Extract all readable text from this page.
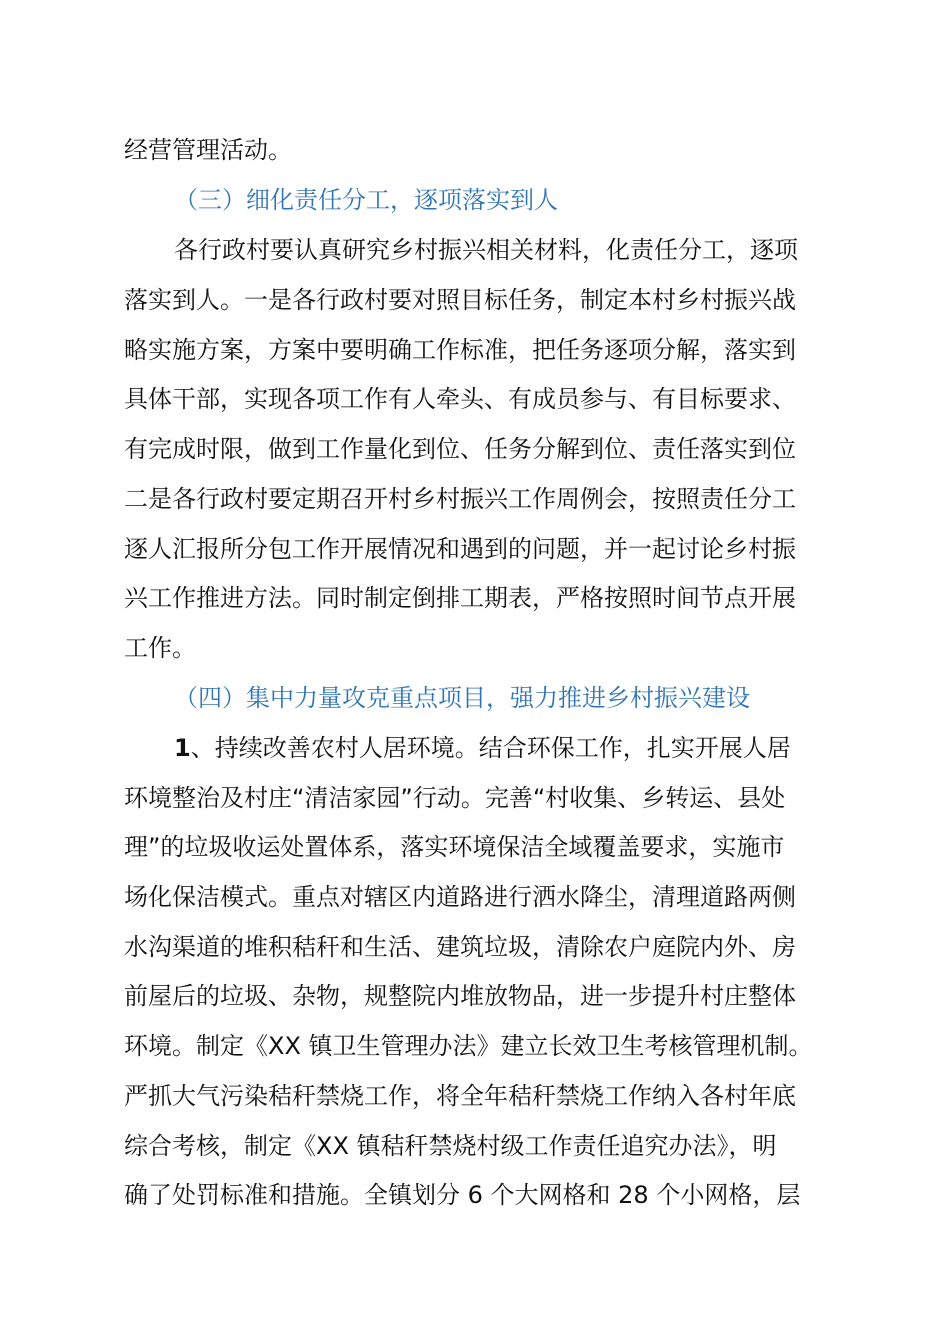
经营管理活动。
（三）细化责任分工，逐项落实到人
各行政村要认真研究乡村振兴相关材料，化责任分工，逐项
落实到人。一是各行政村要对照目标任务，制定本村乡村振兴战
略实施方案，方案中要明确工作标准，把任务逐项分解，落实到
具体干部，实现各项工作有人牵头、有成员参与、有目标要求、
有完成时限，做到工作量化到位、任务分解到位、责任落实到位
二是各行政村要定期召开村乡村振兴工作周例会，按照责任分工
逐人汇报所分包工作开展情况和遇到的问题，并一起讨论乡村振
兴工作推进方法。同时制定倒排工期表，严格按照时间节点开展
工作。
（四）集中力量攻克重点项目，强力推进乡村振兴建设
1、持续改善农村人居环境。结合环保工作，扎实开展人居
环境整治及村庄“清洁家园”行动。完善“村收集、乡转运、县处
理”的垃圾收运处置体系，落实环境保洁全域覆盖要求，实施市
场化保洁模式。重点对辖区内道路进行洒水降尘，清理道路两侧
水沟渠道的堆积秸秆和生活、建筑垃圾，清除农户庭院内外、房
前屋后的垃圾、杂物，规整院内堆放物品，进一步提升村庄整体
环境。制定《XX 镇卫生管理办法》建立长效卫生考核管理机制。
严抓大气污染秸秆禁烧工作，将全年秸秆禁烧工作纳入各村年底
综合考核，制定《XX 镇秸秆禁烧村级工作责任追究办法》，明
确了处罚标准和措施。全镇划分 6 个大网格和 28 个小网格，层
